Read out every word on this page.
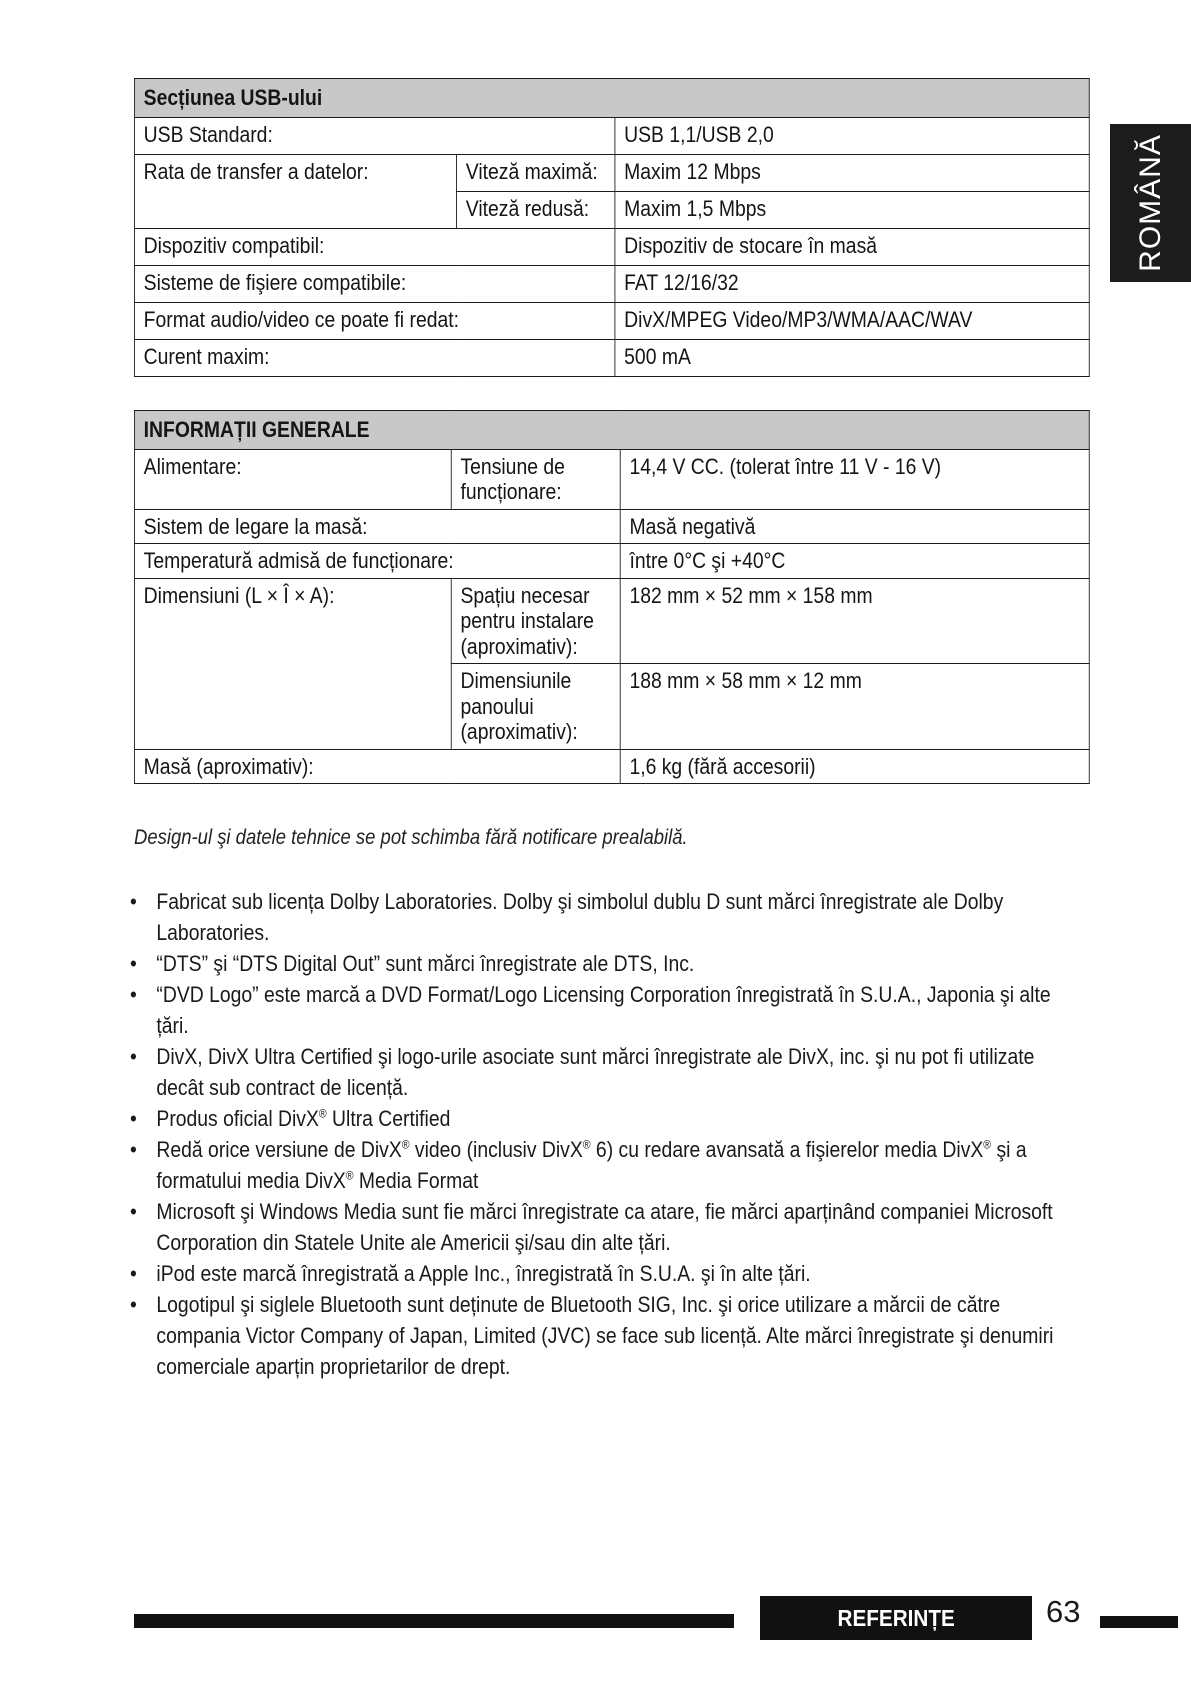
ROMÂNĂ
Secțiunea USB-ului		
USB Standard:		USB 1,1/USB 2,0
Rata de transfer a datelor:	Viteză maximă:	Maxim 12 Mbps
	Viteză redusă:	Maxim 1,5 Mbps
Dispozitiv compatibil:		Dispozitiv de stocare în masă
Sisteme de fişiere compatibile:		FAT 12/16/32
Format audio/video ce poate fi redat:		DivX/MPEG Video/MP3/WMA/AAC/WAV
Curent maxim:		500 mA
INFORMAȚII GENERALE		
Alimentare:	Tensiune de funcționare:	14,4 V CC. (tolerat între 11 V - 16 V)
Sistem de legare la masă:		Masă negativă
Temperatură admisă de funcționare:		între 0°C şi +40°C
Dimensiuni (L × Î × A):	Spațiu necesar pentru instalare (aproximativ):	182 mm × 52 mm × 158 mm
	Dimensiunile panoului (aproximativ):	188 mm × 58 mm × 12 mm
Masă (aproximativ):		1,6 kg (fără accesorii)
Design-ul şi datele tehnice se pot schimba fără notificare prealabilă.
• Fabricat sub licența Dolby Laboratories. Dolby şi simbolul dublu D sunt mărci înregistrate ale Dolby Laboratories.
• “DTS” şi “DTS Digital Out” sunt mărci înregistrate ale DTS, Inc.
• “DVD Logo” este marcă a DVD Format/Logo Licensing Corporation înregistrată în S.U.A., Japonia şi alte țări.
• DivX, DivX Ultra Certified şi logo-urile asociate sunt mărci înregistrate ale DivX, inc. şi nu pot fi utilizate decât sub contract de licență.
• Produs oficial DivX® Ultra Certified
• Redă orice versiune de DivX® video (inclusiv DivX® 6) cu redare avansată a fişierelor media DivX® şi a formatului media DivX® Media Format
• Microsoft şi Windows Media sunt fie mărci înregistrate ca atare, fie mărci aparținând companiei Microsoft Corporation din Statele Unite ale Americii şi/sau din alte țări.
• iPod este marcă înregistrată a Apple Inc., înregistrată în S.U.A. şi în alte țări.
• Logotipul şi siglele Bluetooth sunt deținute de Bluetooth SIG, Inc. şi orice utilizare a mărcii de către compania Victor Company of Japan, Limited (JVC) se face sub licență. Alte mărci înregistrate şi denumiri comerciale aparțin proprietarilor de drept.
REFERINȚE	63
